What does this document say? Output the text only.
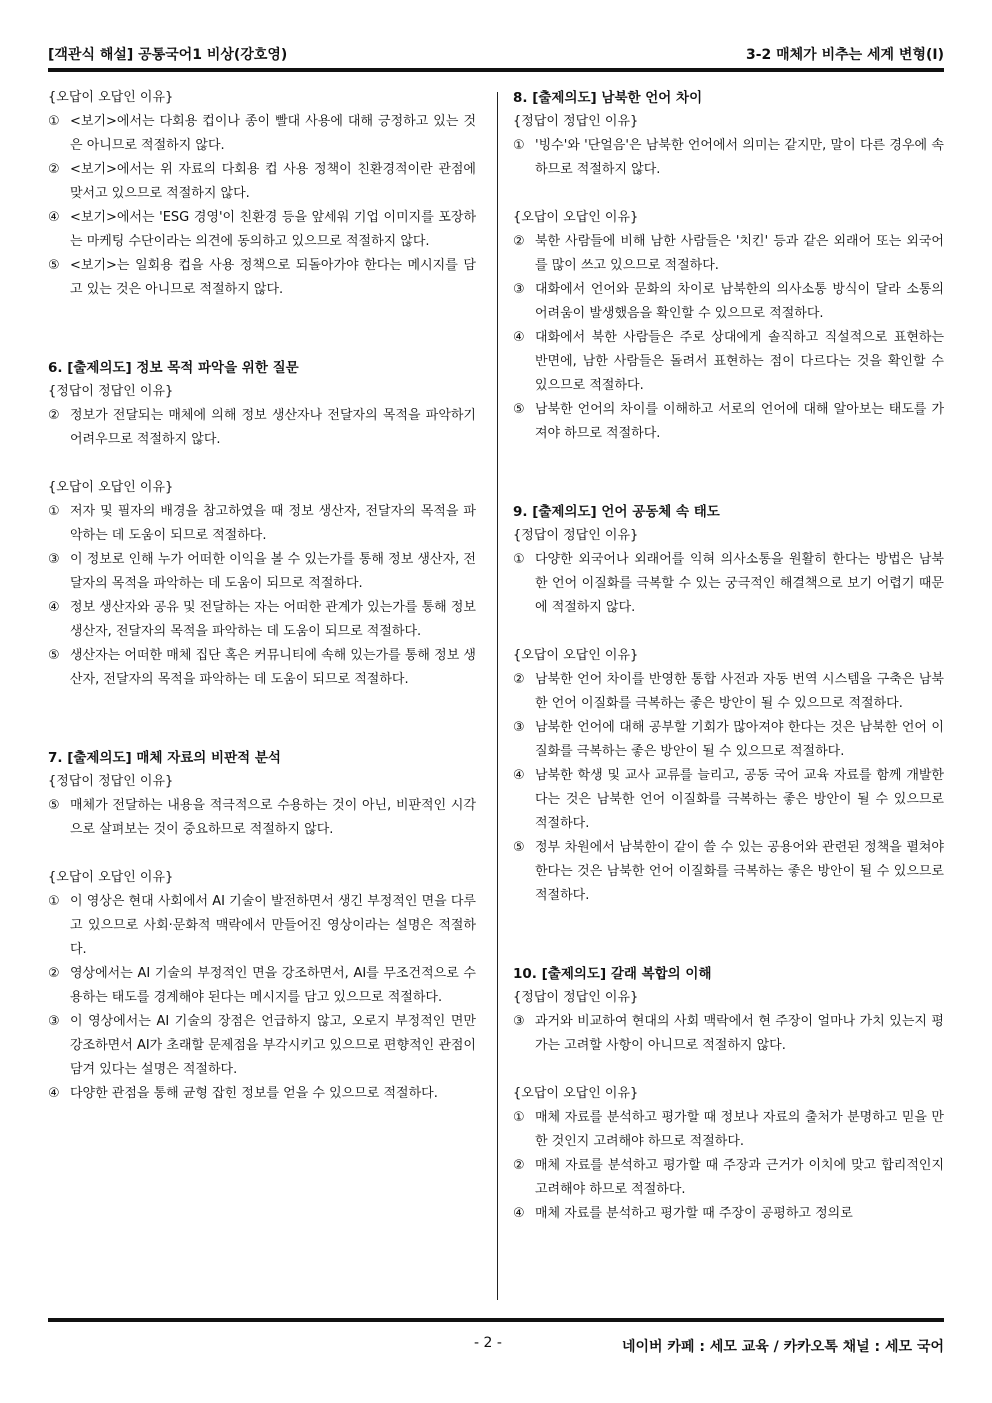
[객관식 해설] 공통국어1 비상(강호영)	3-2 매체가 비추는 세계 변형(I)

{오답이 오답인 이유}

① <보기>에서는 다회용 컵이나 종이 빨대 사용에 대해 긍정하고 있는 것은 아니므로 적절하지 않다.

② <보기>에서는 위 자료의 다회용 컵 사용 정책이 친환경적이란 관점에 맞서고 있으므로 적절하지 않다.

④ <보기>에서는 'ESG 경영'이 친환경 등을 앞세워 기업 이미지를 포장하는 마케팅 수단이라는 의견에 동의하고 있으므로 적절하지 않다.

⑤ <보기>는 일회용 컵을 사용 정책으로 되돌아가야 한다는 메시지를 담고 있는 것은 아니므로 적절하지 않다.

6. [출제의도] 정보 목적 파악을 위한 질문

{정답이 정답인 이유}

② 정보가 전달되는 매체에 의해 정보 생산자나 전달자의 목적을 파악하기 어려우므로 적절하지 않다.

{오답이 오답인 이유}

① 저자 및 필자의 배경을 참고하였을 때 정보 생산자, 전달자의 목적을 파악하는 데 도움이 되므로 적절하다.

③ 이 정보로 인해 누가 어떠한 이익을 볼 수 있는가를 통해 정보 생산자, 전달자의 목적을 파악하는 데 도움이 되므로 적절하다.

④ 정보 생산자와 공유 및 전달하는 자는 어떠한 관계가 있는가를 통해 정보 생산자, 전달자의 목적을 파악하는 데 도움이 되므로 적절하다.

⑤ 생산자는 어떠한 매체 집단 혹은 커뮤니티에 속해 있는가를 통해 정보 생산자, 전달자의 목적을 파악하는 데 도움이 되므로 적절하다.

7. [출제의도] 매체 자료의 비판적 분석

{정답이 정답인 이유}

⑤ 매체가 전달하는 내용을 적극적으로 수용하는 것이 아닌, 비판적인 시각으로 살펴보는 것이 중요하므로 적절하지 않다.

{오답이 오답인 이유}

① 이 영상은 현대 사회에서 AI 기술이 발전하면서 생긴 부정적인 면을 다루고 있으므로 사회·문화적 맥락에서 만들어진 영상이라는 설명은 적절하다.

② 영상에서는 AI 기술의 부정적인 면을 강조하면서, AI를 무조건적으로 수용하는 태도를 경계해야 된다는 메시지를 담고 있으므로 적절하다.

③ 이 영상에서는 AI 기술의 장점은 언급하지 않고, 오로지 부정적인 면만 강조하면서 AI가 초래할 문제점을 부각시키고 있으므로 편향적인 관점이 담겨 있다는 설명은 적절하다.

④ 다양한 관점을 통해 균형 잡힌 정보를 얻을 수 있으므로 적절하다.

8. [출제의도] 남북한 언어 차이

{정답이 정답인 이유}

① '빙수'와 '단얼음'은 남북한 언어에서 의미는 같지만, 말이 다른 경우에 속하므로 적절하지 않다.

{오답이 오답인 이유}

② 북한 사람들에 비해 남한 사람들은 '치킨' 등과 같은 외래어 또는 외국어를 많이 쓰고 있으므로 적절하다.

③ 대화에서 언어와 문화의 차이로 남북한의 의사소통 방식이 달라 소통의 어려움이 발생했음을 확인할 수 있으므로 적절하다.

④ 대화에서 북한 사람들은 주로 상대에게 솔직하고 직설적으로 표현하는 반면에, 남한 사람들은 돌려서 표현하는 점이 다르다는 것을 확인할 수 있으므로 적절하다.

⑤ 남북한 언어의 차이를 이해하고 서로의 언어에 대해 알아보는 태도를 가져야 하므로 적절하다.

9. [출제의도] 언어 공동체 속 태도

{정답이 정답인 이유}

① 다양한 외국어나 외래어를 익혀 의사소통을 원활히 한다는 방법은 남북한 언어 이질화를 극복할 수 있는 궁극적인 해결책으로 보기 어렵기 때문에 적절하지 않다.

{오답이 오답인 이유}

② 남북한 언어 차이를 반영한 통합 사전과 자동 번역 시스템을 구축은 남북한 언어 이질화를 극복하는 좋은 방안이 될 수 있으므로 적절하다.

③ 남북한 언어에 대해 공부할 기회가 많아져야 한다는 것은 남북한 언어 이질화를 극복하는 좋은 방안이 될 수 있으므로 적절하다.

④ 남북한 학생 및 교사 교류를 늘리고, 공동 국어 교육 자료를 함께 개발한다는 것은 남북한 언어 이질화를 극복하는 좋은 방안이 될 수 있으므로 적절하다.

⑤ 정부 차원에서 남북한이 같이 쓸 수 있는 공용어와 관련된 정책을 펼쳐야 한다는 것은 남북한 언어 이질화를 극복하는 좋은 방안이 될 수 있으므로 적절하다.

10. [출제의도] 갈래 복합의 이해

{정답이 정답인 이유}

③ 과거와 비교하여 현대의 사회 맥락에서 현 주장이 얼마나 가치 있는지 평가는 고려할 사항이 아니므로 적절하지 않다.

{오답이 오답인 이유}

① 매체 자료를 분석하고 평가할 때 정보나 자료의 출처가 분명하고 믿을 만한 것인지 고려해야 하므로 적절하다.

② 매체 자료를 분석하고 평가할 때 주장과 근거가 이치에 맞고 합리적인지 고려해야 하므로 적절하다.

④ 매체 자료를 분석하고 평가할 때 주장이 공평하고 정의로

- 2 -	네이버 카페 : 세모 교육 / 카카오톡 채널 : 세모 국어
